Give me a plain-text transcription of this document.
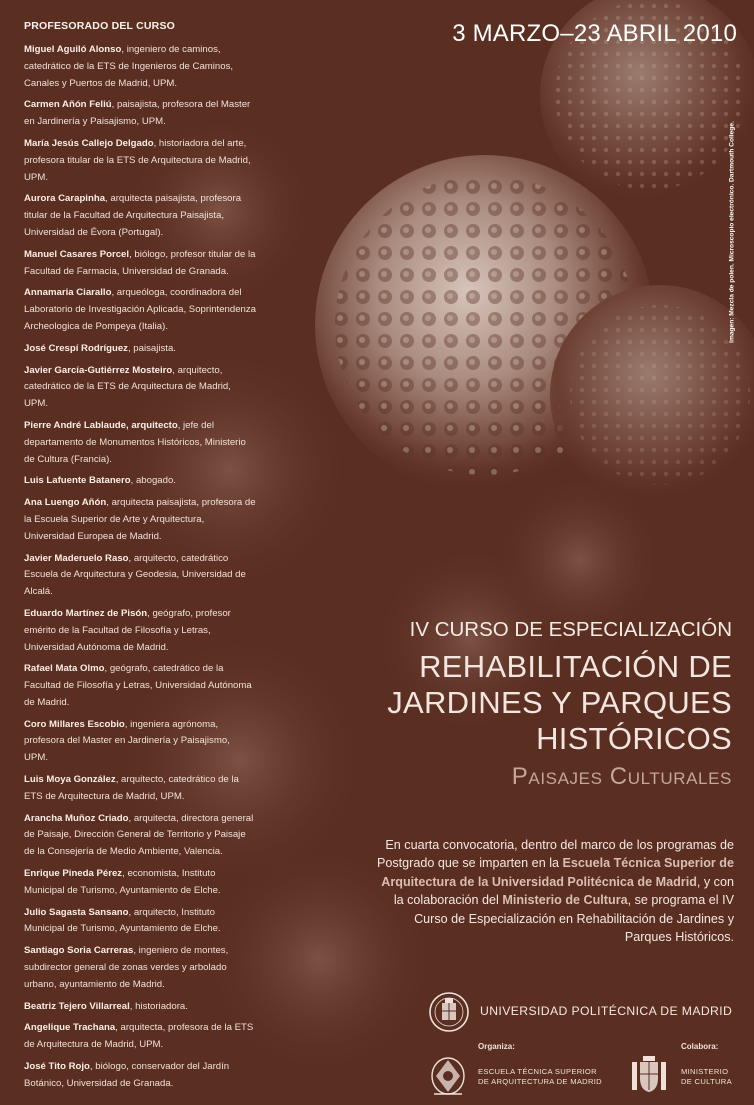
PROFESORADO DEL CURSO
Miguel Aguiló Alonso, ingeniero de caminos, catedrático de la ETS de Ingenieros de Caminos, Canales y Puertos de Madrid, UPM.
Carmen Añón Feliú, paisajista, profesora del Master en Jardinería y Paisajismo, UPM.
María Jesús Callejo Delgado, historiadora del arte, profesora titular de la ETS de Arquitectura de Madrid, UPM.
Aurora Carapinha, arquitecta paisajista, profesora titular de la Facultad de Arquitectura Paisajista, Universidad de Évora (Portugal).
Manuel Casares Porcel, biólogo, profesor titular de la Facultad de Farmacia, Universidad de Granada.
Annamaria Ciarallo, arqueóloga, coordinadora del Laboratorio de Investigación Aplicada, Soprintendenza Archeologica de Pompeya (Italia).
José Crespí Rodríguez, paisajista.
Javier García-Gutiérrez Mosteiro, arquitecto, catedrático de la ETS de Arquitectura de Madrid, UPM.
Pierre André Lablaude, arquitecto, jefe del departamento de Monumentos Históricos, Ministerio de Cultura (Francia).
Luis Lafuente Batanero, abogado.
Ana Luengo Añón, arquitecta paisajista, profesora de la Escuela Superior de Arte y Arquitectura, Universidad Europea de Madrid.
Javier Maderuelo Raso, arquitecto, catedrático Escuela de Arquitectura y Geodesia, Universidad de Alcalá.
Eduardo Martínez de Pisón, geógrafo, profesor emérito de la Facultad de Filosofía y Letras, Universidad Autónoma de Madrid.
Rafael Mata Olmo, geógrafo, catedrático de la Facultad de Filosofía y Letras, Universidad Autónoma de Madrid.
Coro Millares Escobio, ingeniera agrónoma, profesora del Master en Jardinería y Paisajismo, UPM.
Luis Moya González, arquitecto, catedrático de la ETS de Arquitectura de Madrid, UPM.
Arancha Muñoz Criado, arquitecta, directora general de Paisaje, Dirección General de Territorio y Paisaje de la Consejería de Medio Ambiente, Valencia.
Enrique Pineda Pérez, economista, Instituto Municipal de Turismo, Ayuntamiento de Elche.
Julio Sagasta Sansano, arquitecto, Instituto Municipal de Turismo, Ayuntamiento de Elche.
Santiago Soria Carreras, ingeniero de montes, subdirector general de zonas verdes y arbolado urbano, ayuntamiento de Madrid.
Beatriz Tejero Villarreal, historiadora.
Angelique Trachana, arquitecta, profesora de la ETS de Arquitectura de Madrid, UPM.
José Tito Rojo, biólogo, conservador del Jardín Botánico, Universidad de Granada.
3 MARZO–23 ABRIL 2010
Imagen: Mezcla de polen. Microscopio electrónico. Dartmouth College.
IV CURSO DE ESPECIALIZACIÓN
REHABILITACIÓN DE
JARDINES Y PARQUES
HISTÓRICOS
Paisajes Culturales
En cuarta convocatoria, dentro del marco de los programas de Postgrado que se imparten en la Escuela Técnica Superior de Arquitectura de la Universidad Politécnica de Madrid, y con la colaboración del Ministerio de Cultura, se programa el IV Curso de Especialización en Rehabilitación de Jardines y Parques Históricos.
UNIVERSIDAD POLITÉCNICA DE MADRID
Organiza:	Colabora:
ESCUELA TÉCNICA SUPERIOR
DE ARQUITECTURA DE MADRID
MINISTERIO
DE CULTURA
